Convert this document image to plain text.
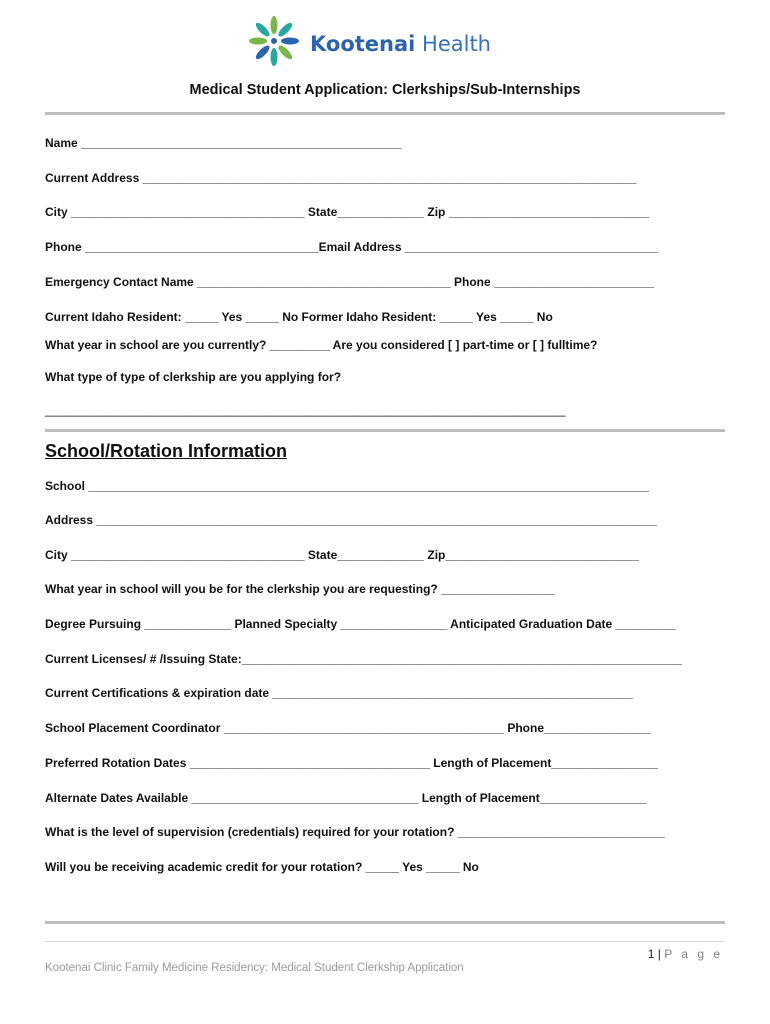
Kootenai Health
Medical Student Application: Clerkships/Sub-Internships
Name ________________________________________________
Current Address __________________________________________________________________________
City ___________________________________ State_____________ Zip ______________________________
Phone ___________________________________Email Address ______________________________________
Emergency Contact Name ______________________________________ Phone ________________________
Current Idaho Resident: _____ Yes _____ No Former Idaho Resident: _____ Yes _____ No
What year in school are you currently? _________ Are you considered [ ] part-time or [ ] fulltime?
What type of type of clerkship are you applying for?
______________________________________________________________________________
School/Rotation Information
School ____________________________________________________________________________________
Address ____________________________________________________________________________________
City ___________________________________ State_____________ Zip_____________________________
What year in school will you be for the clerkship you are requesting? _________________
Degree Pursuing _____________ Planned Specialty ________________ Anticipated Graduation Date _________
Current Licenses/ # /Issuing State:__________________________________________________________________
Current Certifications & expiration date ______________________________________________________
School Placement Coordinator __________________________________________ Phone________________
Preferred Rotation Dates ____________________________________ Length of Placement________________
Alternate Dates Available __________________________________ Length of Placement________________
What is the level of supervision (credentials) required for your rotation? _______________________________
Will you be receiving academic credit for your rotation? _____ Yes _____ No
1 | P a g e
Kootenai Clinic Family Medicine Residency: Medical Student Clerkship Application
